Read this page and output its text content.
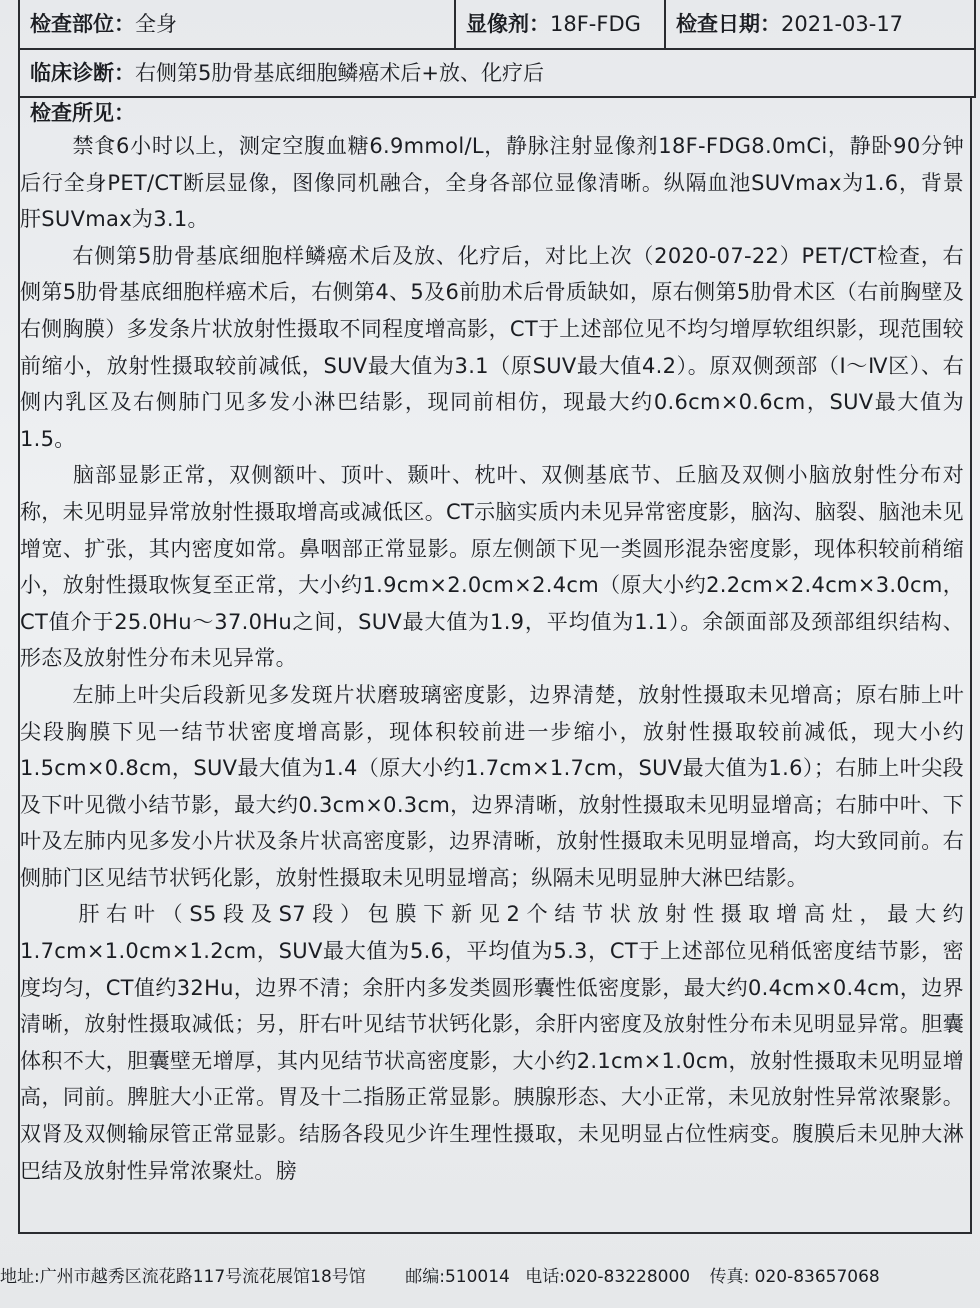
检查部位：全身	显像剂：18F-FDG	检查日期：2021-03-17
临床诊断：右侧第5肋骨基底细胞鳞癌术后+放、化疗后
检查所见：

禁食6小时以上，测定空腹血糖6.9mmol/L，静脉注射显像剂18F-FDG8.0mCi，静卧90分钟后行全身PET/CT断层显像，图像同机融合，全身各部位显像清晰。纵隔血池SUVmax为1.6，背景肝SUVmax为3.1。

右侧第5肋骨基底细胞样鳞癌术后及放、化疗后，对比上次（2020-07-22）PET/CT检查，右侧第5肋骨基底细胞样癌术后，右侧第4、5及6前肋术后骨质缺如，原右侧第5肋骨术区（右前胸壁及右侧胸膜）多发条片状放射性摄取不同程度增高影，CT于上述部位见不均匀增厚软组织影，现范围较前缩小，放射性摄取较前减低，SUV最大值为3.1（原SUV最大值4.2）。原双侧颈部（Ⅰ～Ⅳ区）、右侧内乳区及右侧肺门见多发小淋巴结影，现同前相仿，现最大约0.6cm×0.6cm，SUV最大值为1.5。

脑部显影正常，双侧额叶、顶叶、颞叶、枕叶、双侧基底节、丘脑及双侧小脑放射性分布对称，未见明显异常放射性摄取增高或减低区。CT示脑实质内未见异常密度影，脑沟、脑裂、脑池未见增宽、扩张，其内密度如常。鼻咽部正常显影。原左侧颌下见一类圆形混杂密度影，现体积较前稍缩小，放射性摄取恢复至正常，大小约1.9cm×2.0cm×2.4cm（原大小约2.2cm×2.4cm×3.0cm，CT值介于25.0Hu～37.0Hu之间，SUV最大值为1.9，平均值为1.1）。余颌面部及颈部组织结构、形态及放射性分布未见异常。

左肺上叶尖后段新见多发斑片状磨玻璃密度影，边界清楚，放射性摄取未见增高；原右肺上叶尖段胸膜下见一结节状密度增高影，现体积较前进一步缩小，放射性摄取较前减低，现大小约1.5cm×0.8cm，SUV最大值为1.4（原大小约1.7cm×1.7cm，SUV最大值为1.6）；右肺上叶尖段及下叶见微小结节影，最大约0.3cm×0.3cm，边界清晰，放射性摄取未见明显增高；右肺中叶、下叶及左肺内见多发小片状及条片状高密度影，边界清晰，放射性摄取未见明显增高，均大致同前。右侧肺门区见结节状钙化影，放射性摄取未见明显增高；纵隔未见明显肿大淋巴结影。

肝右叶（S5段及S7段）包膜下新见2个结节状放射性摄取增高灶，最大约1.7cm×1.0cm×1.2cm，SUV最大值为5.6，平均值为5.3，CT于上述部位见稍低密度结节影，密度均匀，CT值约32Hu，边界不清；余肝内多发类圆形囊性低密度影，最大约0.4cm×0.4cm，边界清晰，放射性摄取减低；另，肝右叶见结节状钙化影，余肝内密度及放射性分布未见明显异常。胆囊体积不大，胆囊壁无增厚，其内见结节状高密度影，大小约2.1cm×1.0cm，放射性摄取未见明显增高，同前。脾脏大小正常。胃及十二指肠正常显影。胰腺形态、大小正常，未见放射性异常浓聚影。双肾及双侧输尿管正常显影。结肠各段见少许生理性摄取，未见明显占位性病变。腹膜后未见肿大淋巴结及放射性异常浓聚灶。膀

地址:广州市越秀区流花路117号流花展馆18号馆 邮编:510014 电话:020-83228000 传真: 020-83657068
